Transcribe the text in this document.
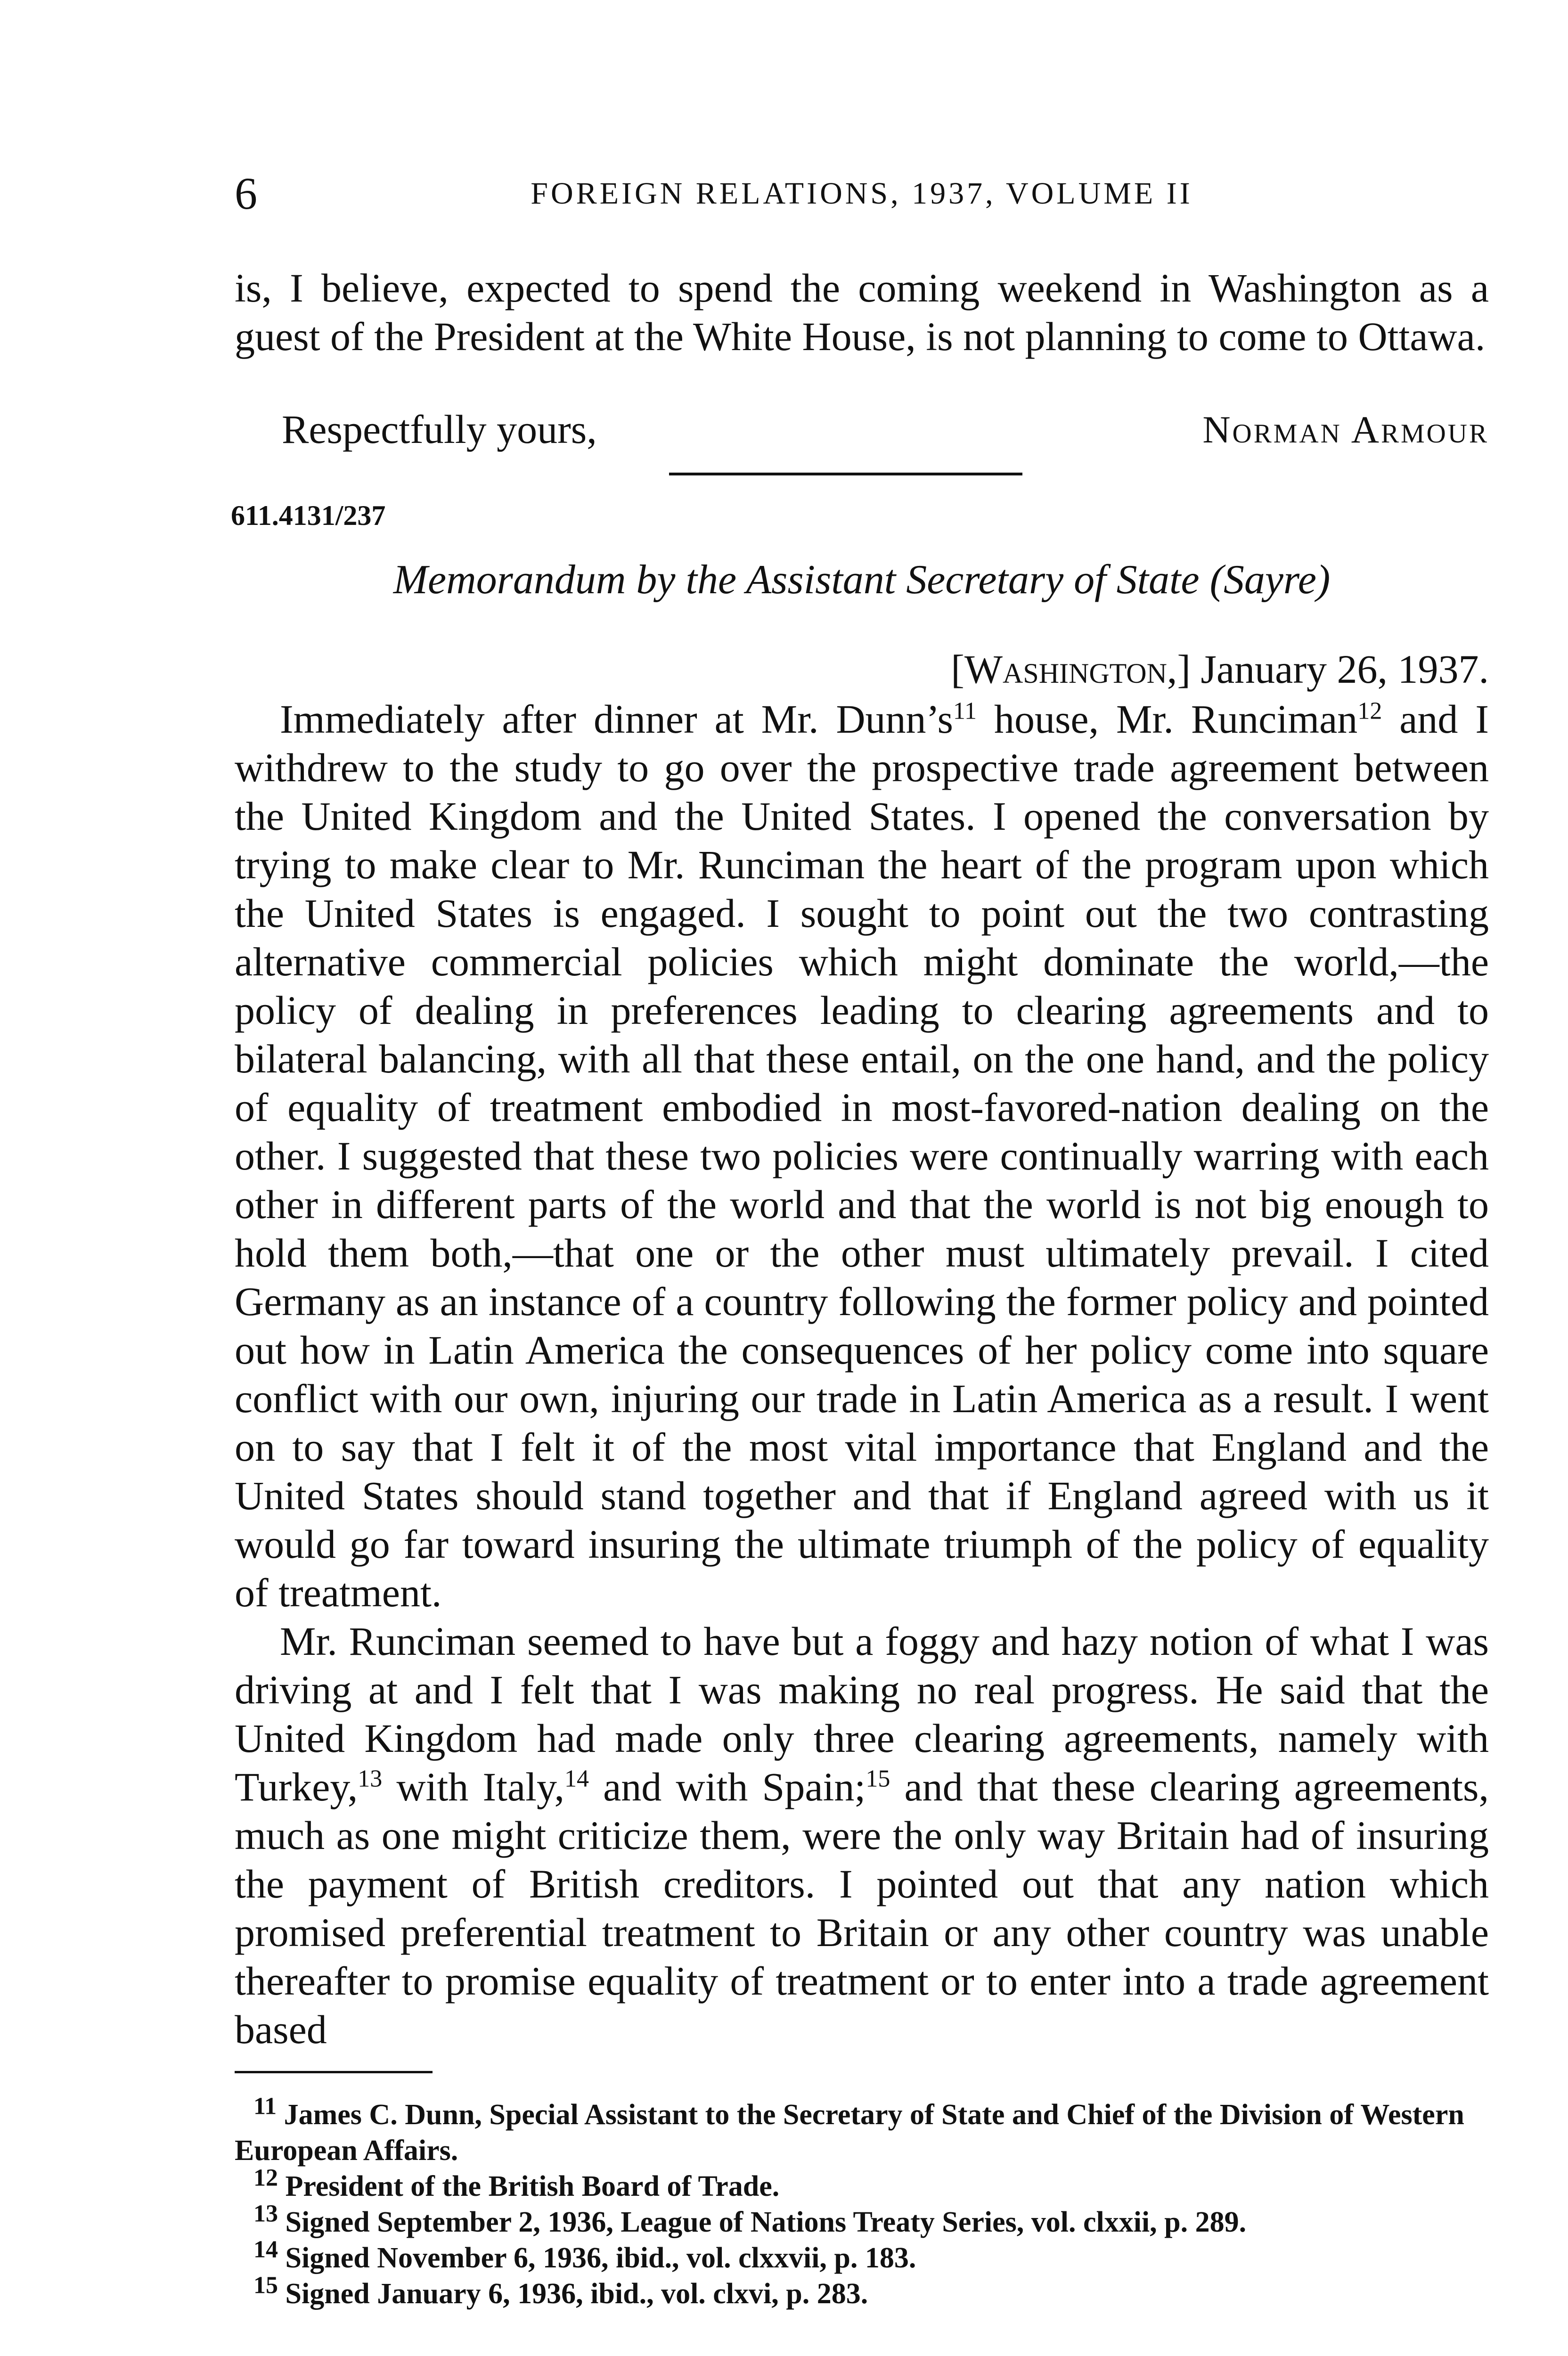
6	FOREIGN RELATIONS, 1937, VOLUME II

is, I believe, expected to spend the coming weekend in Washington as a guest of the President at the White House, is not planning to come to Ottawa.

Respectfully yours,	Norman Armour
611.4131/237
Memorandum by the Assistant Secretary of State (Sayre)
[Washington,] January 26, 1937.

Immediately after dinner at Mr. $Dunn’s^{11}$ house, Mr. Runciman$^{12}$ and I withdrew to the study to go over the prospective trade agreement between the United Kingdom and the United States. I opened the conversation by trying to make clear to Mr. Runciman the heart of the program upon which the United States is engaged. I sought to point out the two contrasting alternative commercial policies which might dominate the world,—the policy of dealing in preferences leading to clearing agreements and to bilateral balancing, with all that these entail, on the one hand, and the policy of equality of treatment embodied in most-favored-nation dealing on the other. I suggested that these two policies were continually warring with each other in different parts of the world and that the world is not big enough to hold them both,—that one or the other must ultimately prevail. I cited Germany as an instance of a country following the former policy and pointed out how in Latin America the consequences of her policy come into square conflict with our own, injuring our trade in Latin America as a result. I went on to say that I felt it of the most vital importance that England and the United States should stand together and that if England agreed with us it would go far toward insuring the ultimate triumph of the policy of equality of treatment.

Mr. Runciman seemed to have but a foggy and hazy notion of what I was driving at and I felt that I was making no real progress. He said that the United Kingdom had made only three clearing agreements, namely with Turkey,$^{13}$ with Italy,$^{14}$ and with Spain;$^{15}$ and that these clearing agreements, much as one might criticize them, were the only way Britain had of insuring the payment of British creditors. I pointed out that any nation which promised preferential treatment to Britain or any other country was unable thereafter to promise equality of treatment or to enter into a trade agreement based

$^{11}$ James C. Dunn, Special Assistant to the Secretary of State and Chief of the Division of Western European Affairs.

$^{12}$ President of the British Board of Trade.

$^{13}$ Signed September 2, 1936, League of Nations Treaty Series, vol. clxxii, p. 289.

$^{14}$ Signed November 6, 1936, ibid., vol. clxxvii, p. 183.

$^{15}$ Signed January 6, 1936, ibid., vol. clxvi, p. 283.
